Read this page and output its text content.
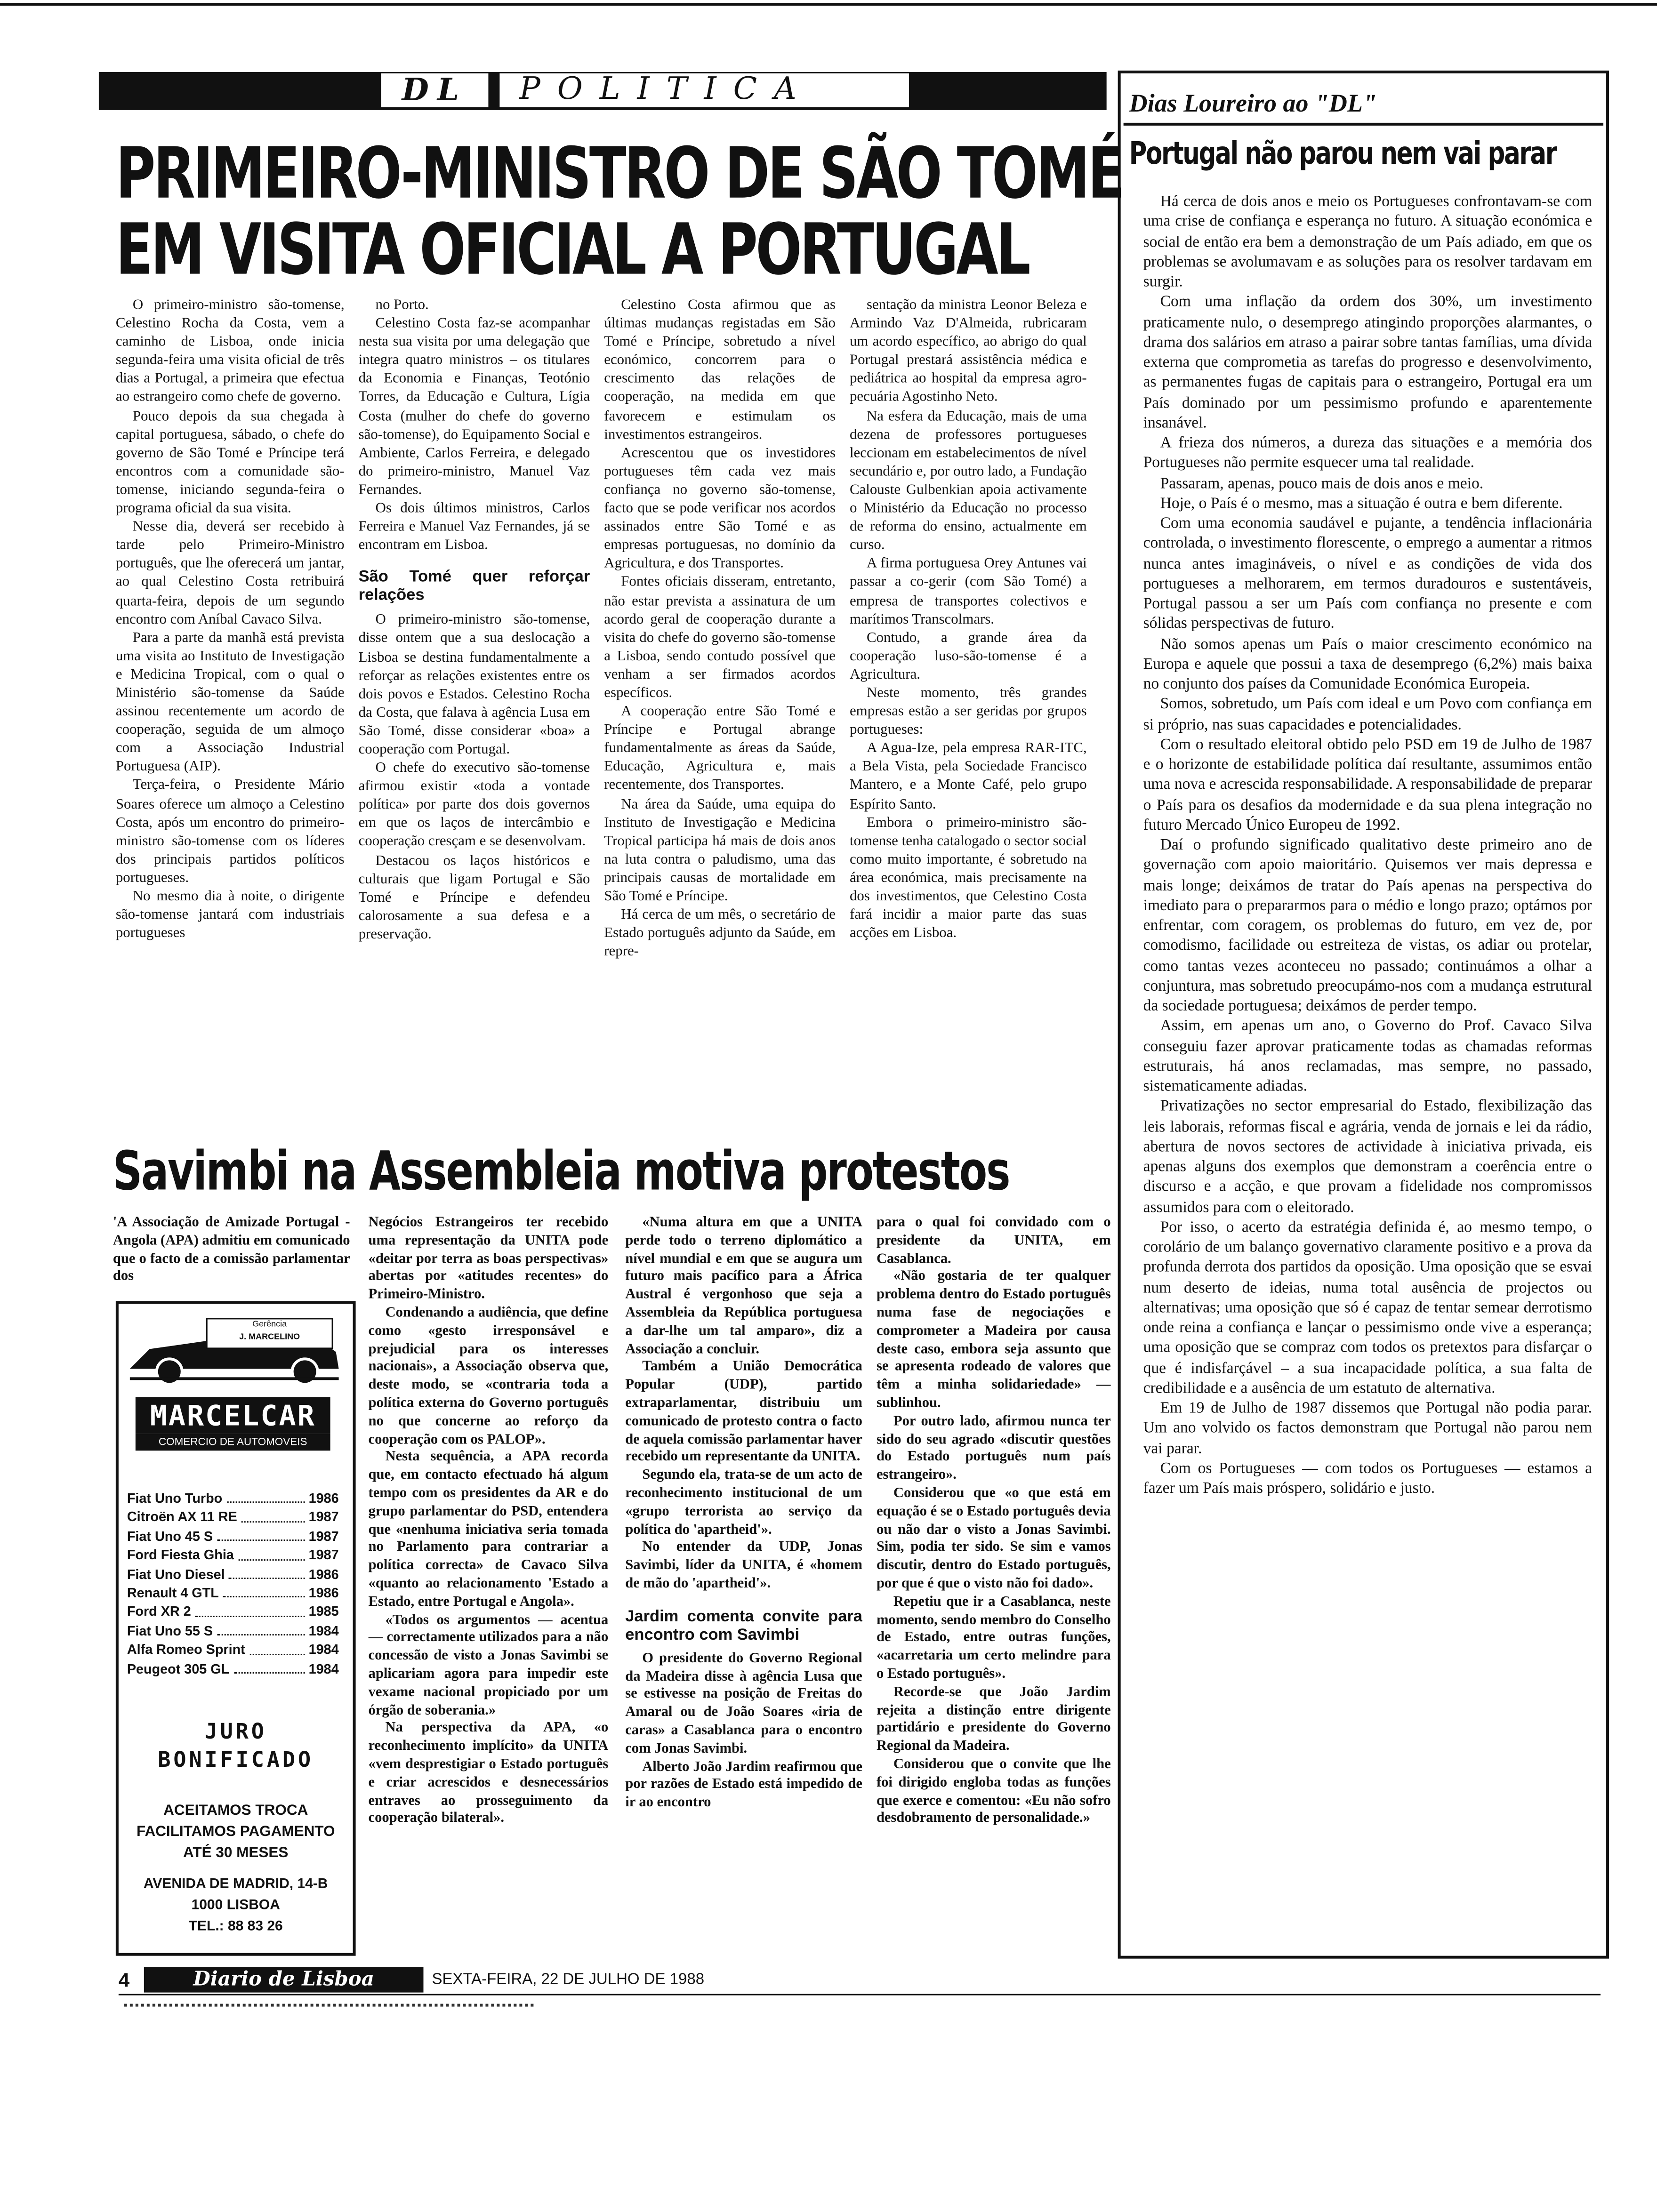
DL	POLITICA
PRIMEIRO-MINISTRO DE SÃO TOMÉ
EM VISITA OFICIAL A PORTUGAL

O primeiro-ministro são-tomense, Celestino Rocha da Costa, vem a caminho de Lisboa, onde inicia segunda-feira uma visita oficial de três dias a Portugal, a primeira que efectua ao estrangeiro como chefe de governo.

Pouco depois da sua chegada à capital portuguesa, sábado, o chefe do governo de São Tomé e Príncipe terá encontros com a comunidade são-tomense, iniciando segunda-feira o programa oficial da sua visita.

Nesse dia, deverá ser recebido à tarde pelo Primeiro-Ministro português, que lhe oferecerá um jantar, ao qual Celestino Costa retribuirá quarta-feira, depois de um segundo encontro com Aníbal Cavaco Silva.

Para a parte da manhã está prevista uma visita ao Instituto de Investigação e Medicina Tropical, com o qual o Ministério são-tomense da Saúde assinou recentemente um acordo de cooperação, seguida de um almoço com a Associação Industrial Portuguesa (AIP).

Terça-feira, o Presidente Mário Soares oferece um almoço a Celestino Costa, após um encontro do primeiro-ministro são-tomense com os líderes dos principais partidos políticos portugueses.

No mesmo dia à noite, o dirigente são-tomense jantará com industriais portugueses

no Porto.

Celestino Costa faz-se acompanhar nesta sua visita por uma delegação que integra quatro ministros – os titulares da Economia e Finanças, Teotónio Torres, da Educação e Cultura, Lígia Costa (mulher do chefe do governo são-tomense), do Equipamento Social e Ambiente, Carlos Ferreira, e delegado do primeiro-ministro, Manuel Vaz Fernandes.

Os dois últimos ministros, Carlos Ferreira e Manuel Vaz Fernandes, já se encontram em Lisboa.

São Tomé quer reforçar relações

O primeiro-ministro são-tomense, disse ontem que a sua deslocação a Lisboa se destina fundamentalmente a reforçar as relações existentes entre os dois povos e Estados. Celestino Rocha da Costa, que falava à agência Lusa em São Tomé, disse considerar «boa» a cooperação com Portugal.

O chefe do executivo são-tomense afirmou existir «toda a vontade política» por parte dos dois governos em que os laços de intercâmbio e cooperação cresçam e se desenvolvam.

Destacou os laços históricos e culturais que ligam Portugal e São Tomé e Príncipe e defendeu calorosamente a sua defesa e a preservação.

Celestino Costa afirmou que as últimas mudanças registadas em São Tomé e Príncipe, sobretudo a nível económico, concorrem para o crescimento das relações de cooperação, na medida em que favorecem e estimulam os investimentos estrangeiros.

Acrescentou que os investidores portugueses têm cada vez mais confiança no governo são-tomense, facto que se pode verificar nos acordos assinados entre São Tomé e as empresas portuguesas, no domínio da Agricultura, e dos Transportes.

Fontes oficiais disseram, entretanto, não estar prevista a assinatura de um acordo geral de cooperação durante a visita do chefe do governo são-tomense a Lisboa, sendo contudo possível que venham a ser firmados acordos específicos.

A cooperação entre São Tomé e Príncipe e Portugal abrange fundamentalmente as áreas da Saúde, Educação, Agricultura e, mais recentemente, dos Transportes.

Na área da Saúde, uma equipa do Instituto de Investigação e Medicina Tropical participa há mais de dois anos na luta contra o paludismo, uma das principais causas de mortalidade em São Tomé e Príncipe.

Há cerca de um mês, o secretário de Estado português adjunto da Saúde, em repre-

sentação da ministra Leonor Beleza e Armindo Vaz D'Almeida, rubricaram um acordo específico, ao abrigo do qual Portugal prestará assistência médica e pediátrica ao hospital da empresa agro-pecuária Agostinho Neto.

Na esfera da Educação, mais de uma dezena de professores portugueses leccionam em estabelecimentos de nível secundário e, por outro lado, a Fundação Calouste Gulbenkian apoia activamente o Ministério da Educação no processo de reforma do ensino, actualmente em curso.

A firma portuguesa Orey Antunes vai passar a co-gerir (com São Tomé) a empresa de transportes colectivos e marítimos Transcolmars.

Contudo, a grande área da cooperação luso-são-tomense é a Agricultura.

Neste momento, três grandes empresas estão a ser geridas por grupos portugueses:

A Agua-Ize, pela empresa RAR-ITC, a Bela Vista, pela Sociedade Francisco Mantero, e a Monte Café, pelo grupo Espírito Santo.

Embora o primeiro-ministro são-tomense tenha catalogado o sector social como muito importante, é sobretudo na área económica, mais precisamente na dos investimentos, que Celestino Costa fará incidir a maior parte das suas acções em Lisboa.

Savimbi na Assembleia motiva protestos

'A Associação de Amizade Portugal - Angola (APA) admitiu em comunicado que o facto de a comissão parlamentar dos

Gerência
J. MARCELINO
MARCELCAR
COMERCIO DE AUTOMOVEIS
Fiat Uno Turbo	1986
Citroën AX 11 RE	1987
Fiat Uno 45 S	1987
Ford Fiesta Ghia	1987
Fiat Uno Diesel	1986
Renault 4 GTL	1986
Ford XR 2	1985
Fiat Uno 55 S	1984
Alfa Romeo Sprint	1984
Peugeot 305 GL	1984
JURO
BONIFICADO
ACEITAMOS TROCA
FACILITAMOS PAGAMENTO
ATÉ 30 MESES
AVENIDA DE MADRID, 14-B
1000 LISBOA
TEL.: 88 83 26

Negócios Estrangeiros ter recebido uma representação da UNITA pode «deitar por terra as boas perspectivas» abertas por «atitudes recentes» do Primeiro-Ministro.

Condenando a audiência, que define como «gesto irresponsável e prejudicial para os interesses nacionais», a Associação observa que, deste modo, se «contraria toda a política externa do Governo português no que concerne ao reforço da cooperação com os PALOP».

Nesta sequência, a APA recorda que, em contacto efectuado há algum tempo com os presidentes da AR e do grupo parlamentar do PSD, entendera que «nenhuma iniciativa seria tomada no Parlamento para contrariar a política correcta» de Cavaco Silva «quanto ao relacionamento 'Estado a Estado, entre Portugal e Angola».

«Todos os argumentos — acentua — correctamente utilizados para a não concessão de visto a Jonas Savimbi se aplicariam agora para impedir este vexame nacional propiciado por um órgão de soberania.»

Na perspectiva da APA, «o reconhecimento implícito» da UNITA «vem desprestigiar o Estado português e criar acrescidos e desnecessários entraves ao prosseguimento da cooperação bilateral».

«Numa altura em que a UNITA perde todo o terreno diplomático a nível mundial e em que se augura um futuro mais pacífico para a África Austral é vergonhoso que seja a Assembleia da República portuguesa a dar-lhe um tal amparo», diz a Associação a concluir.

Também a União Democrática Popular (UDP), partido extraparlamentar, distribuiu um comunicado de protesto contra o facto de aquela comissão parlamentar haver recebido um representante da UNITA.

Segundo ela, trata-se de um acto de reconhecimento institucional de um «grupo terrorista ao serviço da política do 'apartheid'».

No entender da UDP, Jonas Savimbi, líder da UNITA, é «homem de mão do 'apartheid'».

Jardim comenta convite para encontro com Savimbi

O presidente do Governo Regional da Madeira disse à agência Lusa que se estivesse na posição de Freitas do Amaral ou de João Soares «iria de caras» a Casablanca para o encontro com Jonas Savimbi.

Alberto João Jardim reafirmou que por razões de Estado está impedido de ir ao encontro

para o qual foi convidado com o presidente da UNITA, em Casablanca.

«Não gostaria de ter qualquer problema dentro do Estado português numa fase de negociações e comprometer a Madeira por causa deste caso, embora seja assunto que se apresenta rodeado de valores que têm a minha solidariedade» — sublinhou.

Por outro lado, afirmou nunca ter sido do seu agrado «discutir questões do Estado português num país estrangeiro».

Considerou que «o que está em equação é se o Estado português devia ou não dar o visto a Jonas Savimbi. Sim, podia ter sido. Se sim e vamos discutir, dentro do Estado português, por que é que o visto não foi dado».

Repetiu que ir a Casablanca, neste momento, sendo membro do Conselho de Estado, entre outras funções, «acarretaria um certo melindre para o Estado português».

Recorde-se que João Jardim rejeita a distinção entre dirigente partidário e presidente do Governo Regional da Madeira.

Considerou que o convite que lhe foi dirigido engloba todas as funções que exerce e comentou: «Eu não sofro desdobramento de personalidade.»

Dias Loureiro ao "DL"
Portugal não parou nem vai parar

Há cerca de dois anos e meio os Portugueses confrontavam-se com uma crise de confiança e esperança no futuro. A situação económica e social de então era bem a demonstração de um País adiado, em que os problemas se avolumavam e as soluções para os resolver tardavam em surgir.

Com uma inflação da ordem dos 30%, um investimento praticamente nulo, o desemprego atingindo proporções alarmantes, o drama dos salários em atraso a pairar sobre tantas famílias, uma dívida externa que comprometia as tarefas do progresso e desenvolvimento, as permanentes fugas de capitais para o estrangeiro, Portugal era um País dominado por um pessimismo profundo e aparentemente insanável.

A frieza dos números, a dureza das situações e a memória dos Portugueses não permite esquecer uma tal realidade.

Passaram, apenas, pouco mais de dois anos e meio.

Hoje, o País é o mesmo, mas a situação é outra e bem diferente.

Com uma economia saudável e pujante, a tendência inflacionária controlada, o investimento florescente, o emprego a aumentar a ritmos nunca antes imagináveis, o nível e as condições de vida dos portugueses a melhorarem, em termos duradouros e sustentáveis, Portugal passou a ser um País com confiança no presente e com sólidas perspectivas de futuro.

Não somos apenas um País o maior crescimento económico na Europa e aquele que possui a taxa de desemprego (6,2%) mais baixa no conjunto dos países da Comunidade Económica Europeia.

Somos, sobretudo, um País com ideal e um Povo com confiança em si próprio, nas suas capacidades e potencialidades.

Com o resultado eleitoral obtido pelo PSD em 19 de Julho de 1987 e o horizonte de estabilidade política daí resultante, assumimos então uma nova e acrescida responsabilidade. A responsabilidade de preparar o País para os desafios da modernidade e da sua plena integração no futuro Mercado Único Europeu de 1992.

Daí o profundo significado qualitativo deste primeiro ano de governação com apoio maioritário. Quisemos ver mais depressa e mais longe; deixámos de tratar do País apenas na perspectiva do imediato para o prepararmos para o médio e longo prazo; optámos por enfrentar, com coragem, os problemas do futuro, em vez de, por comodismo, facilidade ou estreiteza de vistas, os adiar ou protelar, como tantas vezes aconteceu no passado; continuámos a olhar a conjuntura, mas sobretudo preocupámo-nos com a mudança estrutural da sociedade portuguesa; deixámos de perder tempo.

Assim, em apenas um ano, o Governo do Prof. Cavaco Silva conseguiu fazer aprovar praticamente todas as chamadas reformas estruturais, há anos reclamadas, mas sempre, no passado, sistematicamente adiadas.

Privatizações no sector empresarial do Estado, flexibilização das leis laborais, reformas fiscal e agrária, venda de jornais e lei da rádio, abertura de novos sectores de actividade à iniciativa privada, eis apenas alguns dos exemplos que demonstram a coerência entre o discurso e a acção, e que provam a fidelidade nos compromissos assumidos para com o eleitorado.

Por isso, o acerto da estratégia definida é, ao mesmo tempo, o corolário de um balanço governativo claramente positivo e a prova da profunda derrota dos partidos da oposição. Uma oposição que se esvai num deserto de ideias, numa total ausência de projectos ou alternativas; uma oposição que só é capaz de tentar semear derrotismo onde reina a confiança e lançar o pessimismo onde vive a esperança; uma oposição que se compraz com todos os pretextos para disfarçar o que é indisfarçável – a sua incapacidade política, a sua falta de credibilidade e a ausência de um estatuto de alternativa.

Em 19 de Julho de 1987 dissemos que Portugal não podia parar. Um ano volvido os factos demonstram que Portugal não parou nem vai parar.

Com os Portugueses — com todos os Portugueses — estamos a fazer um País mais próspero, solidário e justo.

4	Diario de Lisboa	SEXTA-FEIRA, 22 DE JULHO DE 1988
